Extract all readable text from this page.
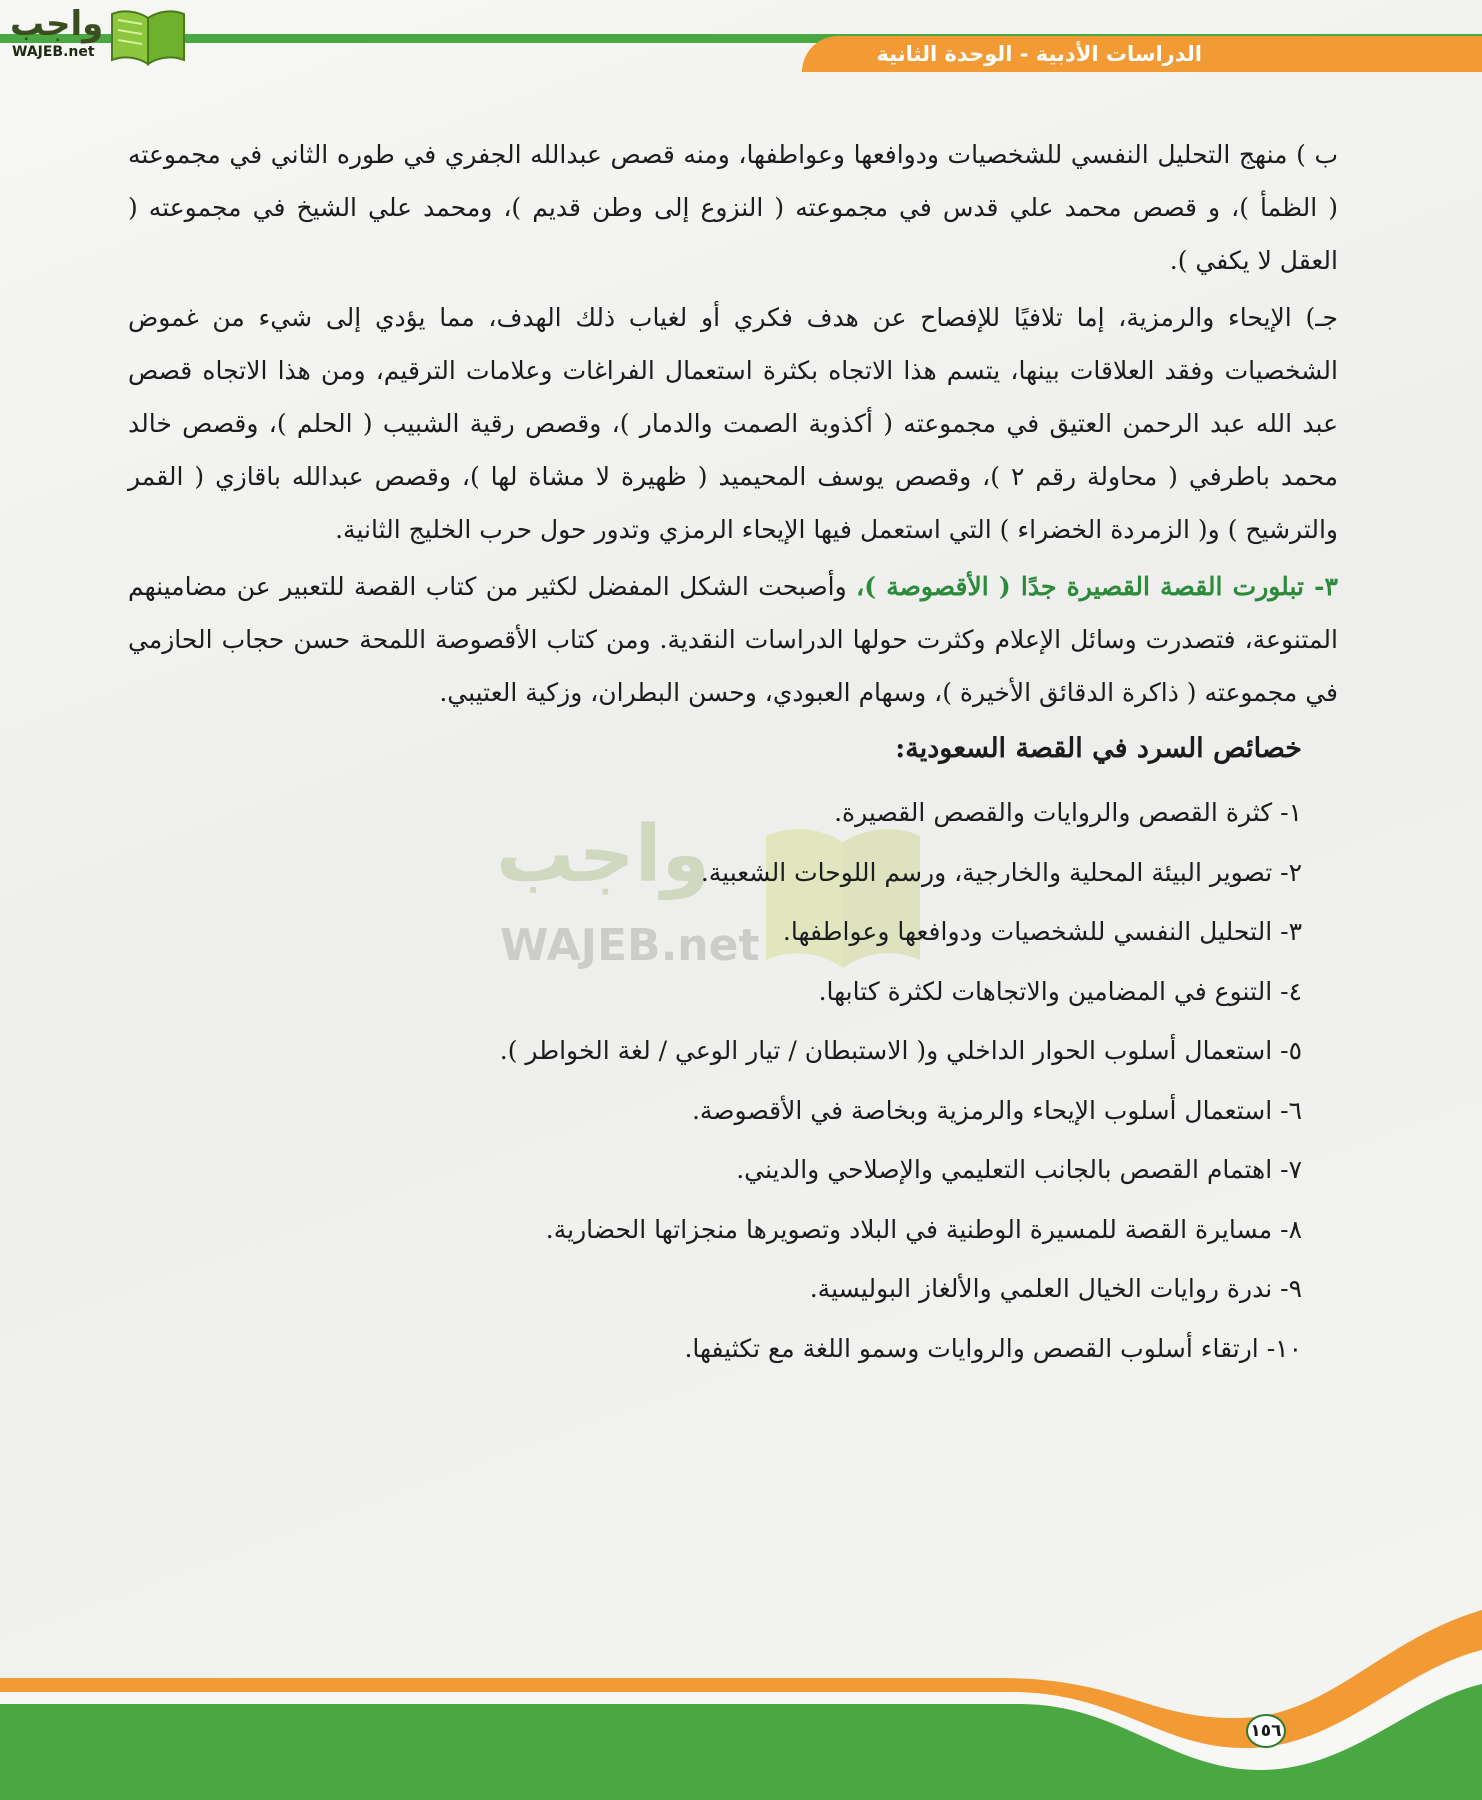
الدراسات الأدبية - الوحدة الثانية
واجب
WAJEB.net
واجب
WAJEB.net

ب ) منهج التحليل النفسي للشخصيات ودوافعها وعواطفها، ومنه قصص عبدالله الجفري في طوره الثاني في مجموعته ( الظمأ )، و قصص محمد علي قدس في مجموعته ( النزوع إلى وطن قديم )، ومحمد علي الشيخ في مجموعته ( العقل لا يكفي ).

جـ) الإيحاء والرمزية، إما تلافيًا للإفصاح عن هدف فكري أو لغياب ذلك الهدف، مما يؤدي إلى شيء من غموض الشخصيات وفقد العلاقات بينها، يتسم هذا الاتجاه بكثرة استعمال الفراغات وعلامات الترقيم، ومن هذا الاتجاه قصص عبد الله عبد الرحمن العتيق في مجموعته ( أكذوبة الصمت والدمار )، وقصص رقية الشبيب ( الحلم )، وقصص خالد محمد باطرفي ( محاولة رقم ٢ )، وقصص يوسف المحيميد ( ظهيرة لا مشاة لها )، وقصص عبدالله باقازي ( القمر والترشيح ) و( الزمردة الخضراء ) التي استعمل فيها الإيحاء الرمزي وتدور حول حرب الخليج الثانية.

٣- تبلورت القصة القصيرة جدًا ( الأقصوصة )، وأصبحت الشكل المفضل لكثير من كتاب القصة للتعبير عن مضامينهم المتنوعة، فتصدرت وسائل الإعلام وكثرت حولها الدراسات النقدية. ومن كتاب الأقصوصة اللمحة حسن حجاب الحازمي في مجموعته ( ذاكرة الدقائق الأخيرة )، وسهام العبودي، وحسن البطران، وزكية العتيبي.

خصائص السرد في القصة السعودية:
١- كثرة القصص والروايات والقصص القصيرة.
٢- تصوير البيئة المحلية والخارجية، ورسم اللوحات الشعبية.
٣- التحليل النفسي للشخصيات ودوافعها وعواطفها.
٤- التنوع في المضامين والاتجاهات لكثرة كتابها.
٥- استعمال أسلوب الحوار الداخلي و( الاستبطان / تيار الوعي / لغة الخواطر ).
٦- استعمال أسلوب الإيحاء والرمزية وبخاصة في الأقصوصة.
٧- اهتمام القصص بالجانب التعليمي والإصلاحي والديني.
٨- مسايرة القصة للمسيرة الوطنية في البلاد وتصويرها منجزاتها الحضارية.
٩- ندرة روايات الخيال العلمي والألغاز البوليسية.
١٠- ارتقاء أسلوب القصص والروايات وسمو اللغة مع تكثيفها.
١٥٦
